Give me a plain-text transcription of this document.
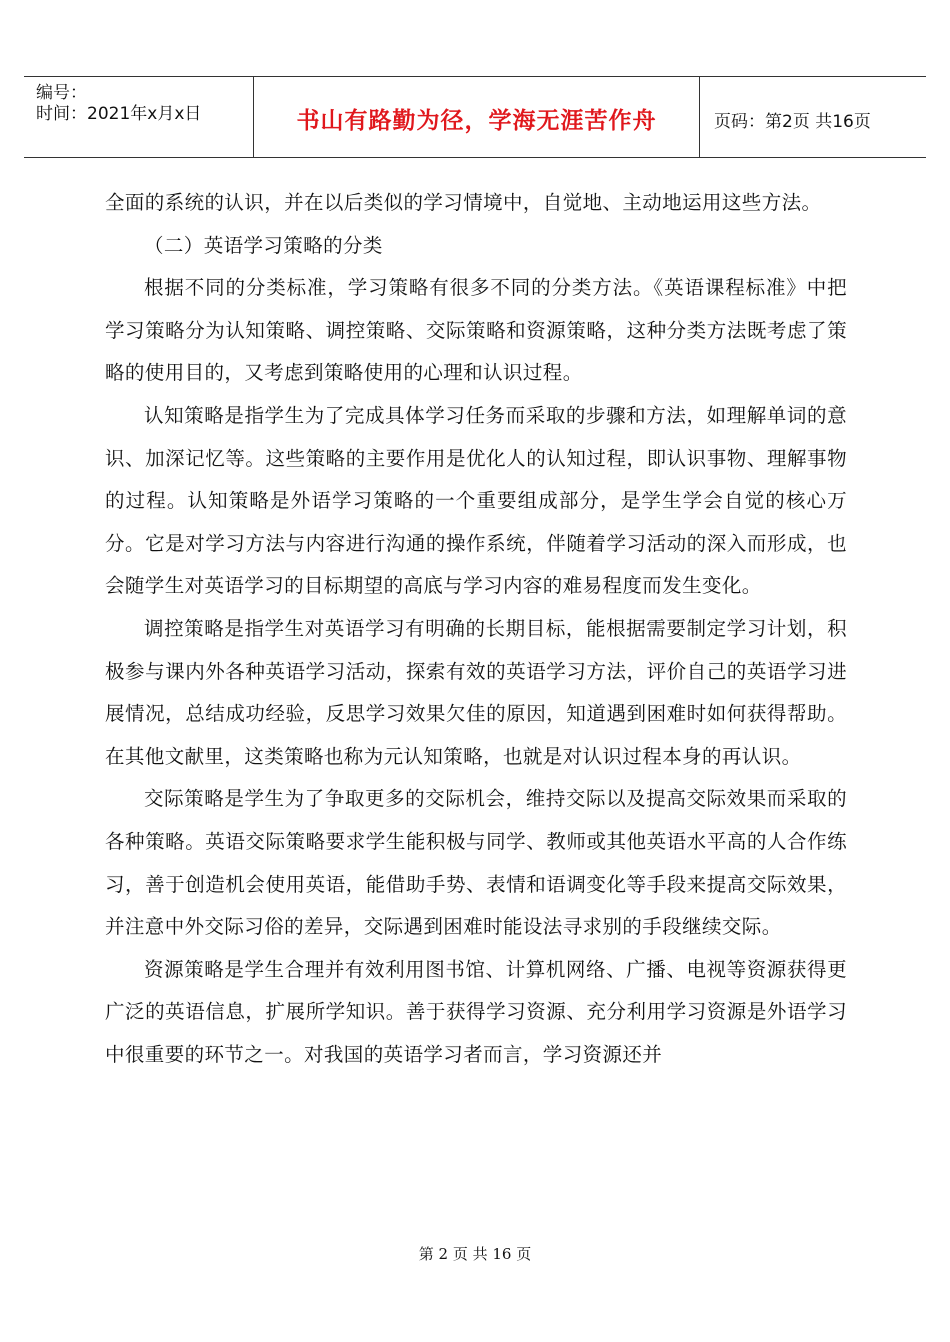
编号：
时间：2021年x月x日	书山有路勤为径，学海无涯苦作舟	页码：第2页 共16页

全面的系统的认识，并在以后类似的学习情境中，自觉地、主动地运用这些方法。

（二）英语学习策略的分类

根据不同的分类标准，学习策略有很多不同的分类方法。《英语课程标准》中把学习策略分为认知策略、调控策略、交际策略和资源策略，这种分类方法既考虑了策略的使用目的，又考虑到策略使用的心理和认识过程。

认知策略是指学生为了完成具体学习任务而采取的步骤和方法，如理解单词的意识、加深记忆等。这些策略的主要作用是优化人的认知过程，即认识事物、理解事物的过程。认知策略是外语学习策略的一个重要组成部分，是学生学会自觉的核心万分。它是对学习方法与内容进行沟通的操作系统，伴随着学习活动的深入而形成，也会随学生对英语学习的目标期望的高底与学习内容的难易程度而发生变化。

调控策略是指学生对英语学习有明确的长期目标，能根据需要制定学习计划，积极参与课内外各种英语学习活动，探索有效的英语学习方法，评价自己的英语学习进展情况，总结成功经验，反思学习效果欠佳的原因，知道遇到困难时如何获得帮助。在其他文献里，这类策略也称为元认知策略，也就是对认识过程本身的再认识。

交际策略是学生为了争取更多的交际机会，维持交际以及提高交际效果而采取的各种策略。英语交际策略要求学生能积极与同学、教师或其他英语水平高的人合作练习，善于创造机会使用英语，能借助手势、表情和语调变化等手段来提高交际效果，并注意中外交际习俗的差异，交际遇到困难时能设法寻求别的手段继续交际。

资源策略是学生合理并有效利用图书馆、计算机网络、广播、电视等资源获得更广泛的英语信息，扩展所学知识。善于获得学习资源、充分利用学习资源是外语学习中很重要的环节之一。对我国的英语学习者而言，学习资源还并

第 2 页 共 16 页
